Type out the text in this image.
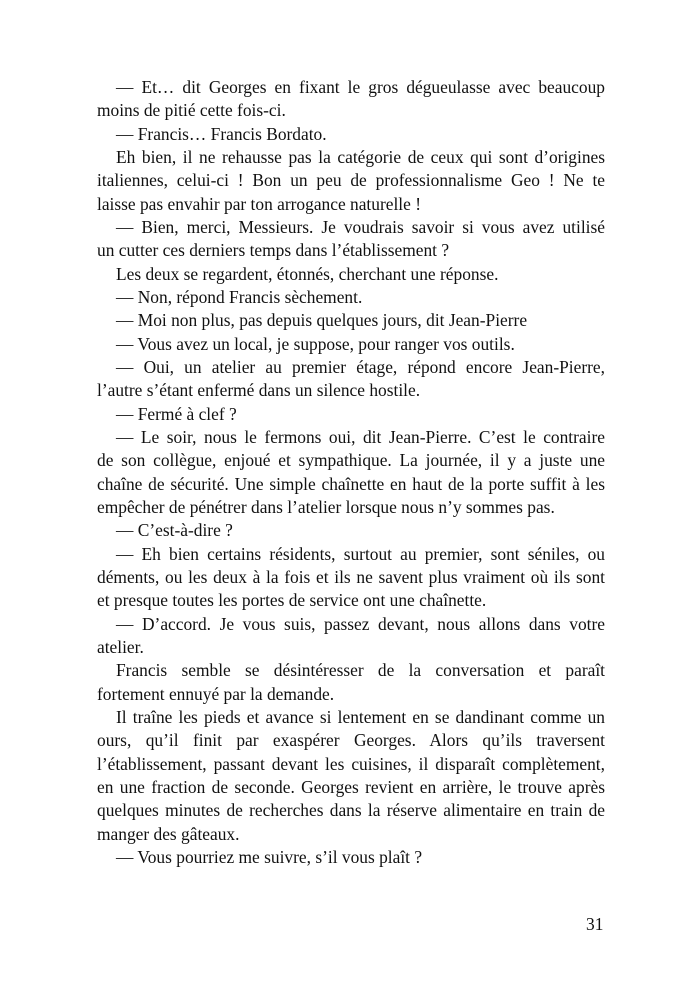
— Et… dit Georges en fixant le gros dégueulasse avec beaucoup
moins de pitié cette fois-ci.

— Francis… Francis Bordato.

Eh bien, il ne rehausse pas la catégorie de ceux qui sont d’origines
italiennes, celui-ci ! Bon un peu de professionnalisme Geo ! Ne te
laisse pas envahir par ton arrogance naturelle !

— Bien, merci, Messieurs. Je voudrais savoir si vous avez utilisé
un cutter ces derniers temps dans l’établissement ?

Les deux se regardent, étonnés, cherchant une réponse.

— Non, répond Francis sèchement.

— Moi non plus, pas depuis quelques jours, dit Jean-Pierre

— Vous avez un local, je suppose, pour ranger vos outils.

— Oui, un atelier au premier étage, répond encore Jean-Pierre,
l’autre s’étant enfermé dans un silence hostile.

— Fermé à clef ?

— Le soir, nous le fermons oui, dit Jean-Pierre. C’est le contraire
de son collègue, enjoué et sympathique. La journée, il y a juste une
chaîne de sécurité. Une simple chaînette en haut de la porte suffit à les
empêcher de pénétrer dans l’atelier lorsque nous n’y sommes pas.

— C’est-à-dire ?

— Eh bien certains résidents, surtout au premier, sont séniles, ou
déments, ou les deux à la fois et ils ne savent plus vraiment où ils sont
et presque toutes les portes de service ont une chaînette.

— D’accord. Je vous suis, passez devant, nous allons dans votre
atelier.

Francis semble se désintéresser de la conversation et paraît
fortement ennuyé par la demande.

Il traîne les pieds et avance si lentement en se dandinant comme un
ours, qu’il finit par exaspérer Georges. Alors qu’ils traversent
l’établissement, passant devant les cuisines, il disparaît complètement,
en une fraction de seconde. Georges revient en arrière, le trouve après
quelques minutes de recherches dans la réserve alimentaire en train de
manger des gâteaux.

— Vous pourriez me suivre, s’il vous plaît ?

31
